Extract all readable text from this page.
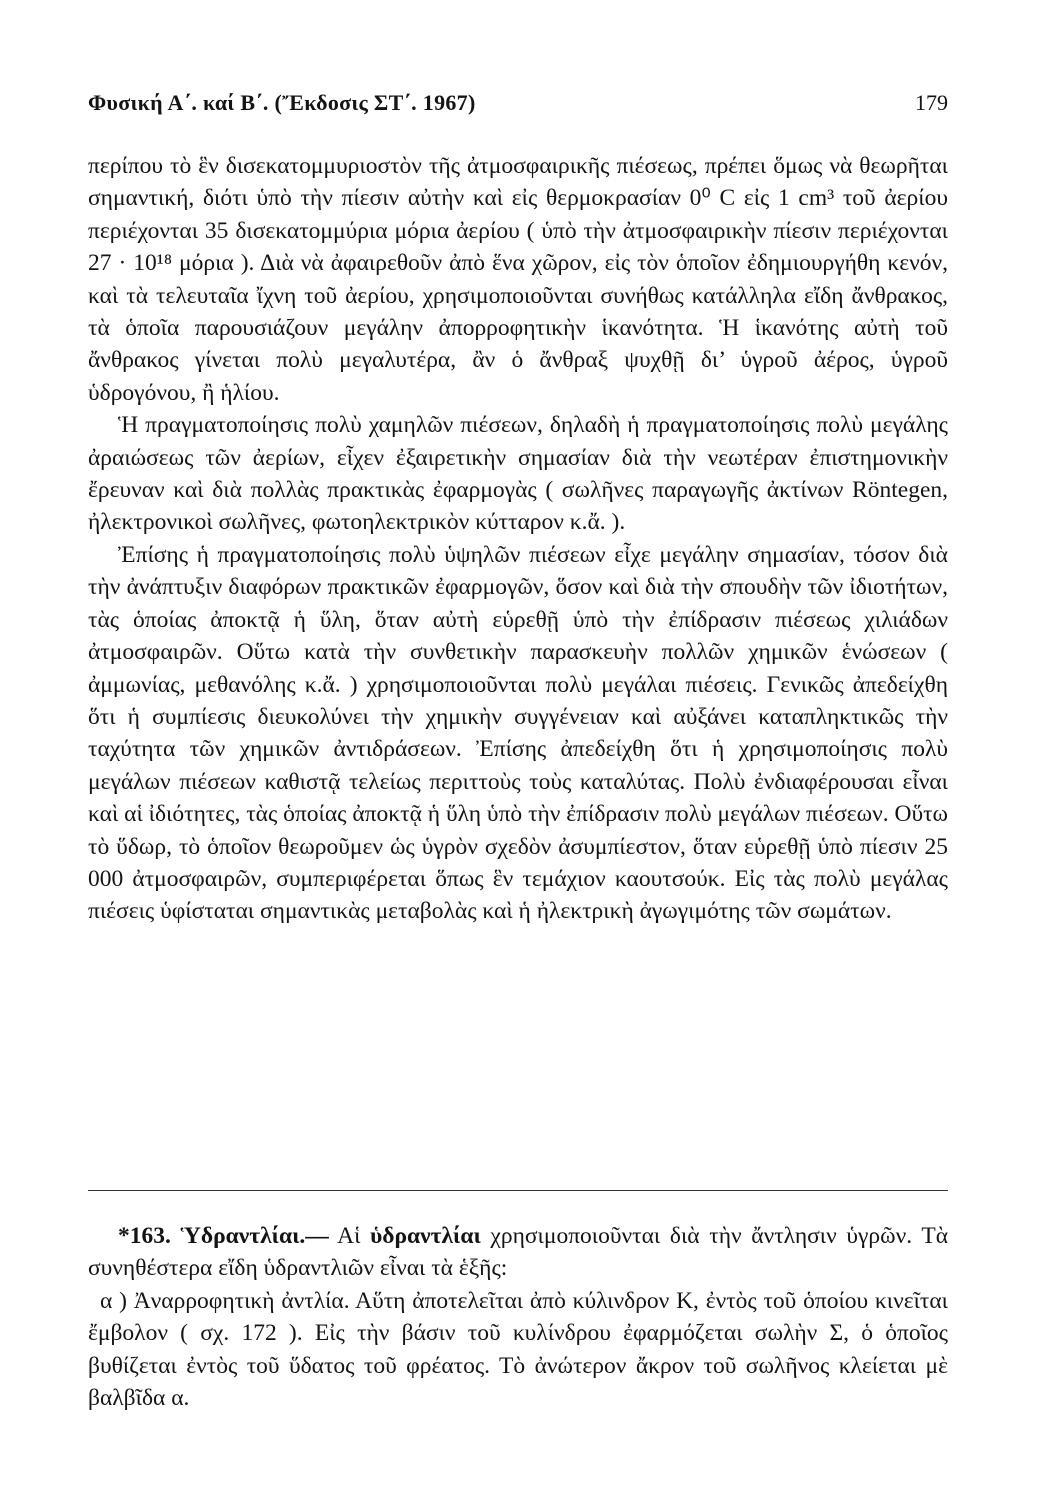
Φυσική Α΄. καί Β΄. (Ἔκδοσις ΣΤ΄. 1967)	179

περίπου τὸ ἓν δισεκατομμυριοστὸν τῆς ἀτμοσφαιρικῆς πιέσεως, πρέπει ὅμως νὰ θεωρῆται σημαντική, διότι ὑπὸ τὴν πίεσιν αὐτὴν καὶ εἰς θερμοκρασίαν 0⁰ C εἰς 1 cm³ τοῦ ἀερίου περιέχονται 35 δισεκατομμύρια μόρια ἀερίου ( ὑπὸ τὴν ἀτμοσφαιρικὴν πίεσιν περιέχονται 27 · 10¹⁸ μόρια ). Διὰ νὰ ἀφαιρεθοῦν ἀπὸ ἕνα χῶρον, εἰς τὸν ὁποῖον ἐδημιουργήθη κενόν, καὶ τὰ τελευταῖα ἴχνη τοῦ ἀερίου, χρησιμοποιοῦνται συνήθως κατάλληλα εἴδη ἄνθρακος, τὰ ὁποῖα παρουσιάζουν μεγάλην ἀπορροφητικὴν ἱκανότητα. Ἡ ἱκανότης αὐτὴ τοῦ ἄνθρακος γίνεται πολὺ μεγαλυτέρα, ἂν ὁ ἄνθραξ ψυχθῇ δι’ ὑγροῦ ἀέρος, ὑγροῦ ὑδρογόνου, ἢ ἡλίου.

Ἡ πραγματοποίησις πολὺ χαμηλῶν πιέσεων, δηλαδὴ ἡ πραγματοποίησις πολὺ μεγάλης ἀραιώσεως τῶν ἀερίων, εἶχεν ἐξαιρετικὴν σημασίαν διὰ τὴν νεωτέραν ἐπιστημονικὴν ἔρευναν καὶ διὰ πολλὰς πρακτικὰς ἐφαρμογὰς ( σωλῆνες παραγωγῆς ἀκτίνων Röntegen, ἠλεκτρονικοὶ σωλῆνες, φωτοηλεκτρικὸν κύτταρον κ.ἄ. ).

Ἐπίσης ἡ πραγματοποίησις πολὺ ὑψηλῶν πιέσεων εἶχε μεγάλην σημασίαν, τόσον διὰ τὴν ἀνάπτυξιν διαφόρων πρακτικῶν ἐφαρμογῶν, ὅσον καὶ διὰ τὴν σπουδὴν τῶν ἰδιοτήτων, τὰς ὁποίας ἀποκτᾷ ἡ ὕλη, ὅταν αὐτὴ εὑρεθῇ ὑπὸ τὴν ἐπίδρασιν πιέσεως χιλιάδων ἀτμοσφαιρῶν. Οὕτω κατὰ τὴν συνθετικὴν παρασκευὴν πολλῶν χημικῶν ἑνώσεων ( ἀμμωνίας, μεθανόλης κ.ἄ. ) χρησιμοποιοῦνται πολὺ μεγάλαι πιέσεις. Γενικῶς ἀπεδείχθη ὅτι ἡ συμπίεσις διευκολύνει τὴν χημικὴν συγγένειαν καὶ αὐξάνει καταπληκτικῶς τὴν ταχύτητα τῶν χημικῶν ἀντιδράσεων. Ἐπίσης ἀπεδείχθη ὅτι ἡ χρησιμοποίησις πολὺ μεγάλων πιέσεων καθιστᾷ τελείως περιττοὺς τοὺς καταλύτας. Πολὺ ἐνδιαφέρουσαι εἶναι καὶ αἱ ἰδιότητες, τὰς ὁποίας ἀποκτᾷ ἡ ὕλη ὑπὸ τὴν ἐπίδρασιν πολὺ μεγάλων πιέσεων. Οὕτω τὸ ὕδωρ, τὸ ὁποῖον θεωροῦμεν ὡς ὑγρὸν σχεδὸν ἀσυμπίεστον, ὅταν εὑρεθῇ ὑπὸ πίεσιν 25 000 ἀτμοσφαιρῶν, συμπεριφέρεται ὅπως ἓν τεμάχιον καουτσούκ. Εἰς τὰς πολὺ μεγάλας πιέσεις ὑφίσταται σημαντικὰς μεταβολὰς καὶ ἡ ἠλεκτρικὴ ἀγωγιμότης τῶν σωμάτων.

*163. Ὑδραντλίαι.— Αἱ ὑδραντλίαι χρησιμοποιοῦνται διὰ τὴν ἄντλησιν ὑγρῶν. Τὰ συνηθέστερα εἴδη ὑδραντλιῶν εἶναι τὰ ἑξῆς:

α ) Ἀναρροφητικὴ ἀντλία. Αὕτη ἀποτελεῖται ἀπὸ κύλινδρον Κ, ἐντὸς τοῦ ὁποίου κινεῖται ἔμβολον ( σχ. 172 ). Εἰς τὴν βάσιν τοῦ κυλίνδρου ἐφαρμόζεται σωλὴν Σ, ὁ ὁποῖος βυθίζεται ἐντὸς τοῦ ὕδατος τοῦ φρέατος. Τὸ ἀνώτερον ἄκρον τοῦ σωλῆνος κλείεται μὲ βαλβῖδα α.
